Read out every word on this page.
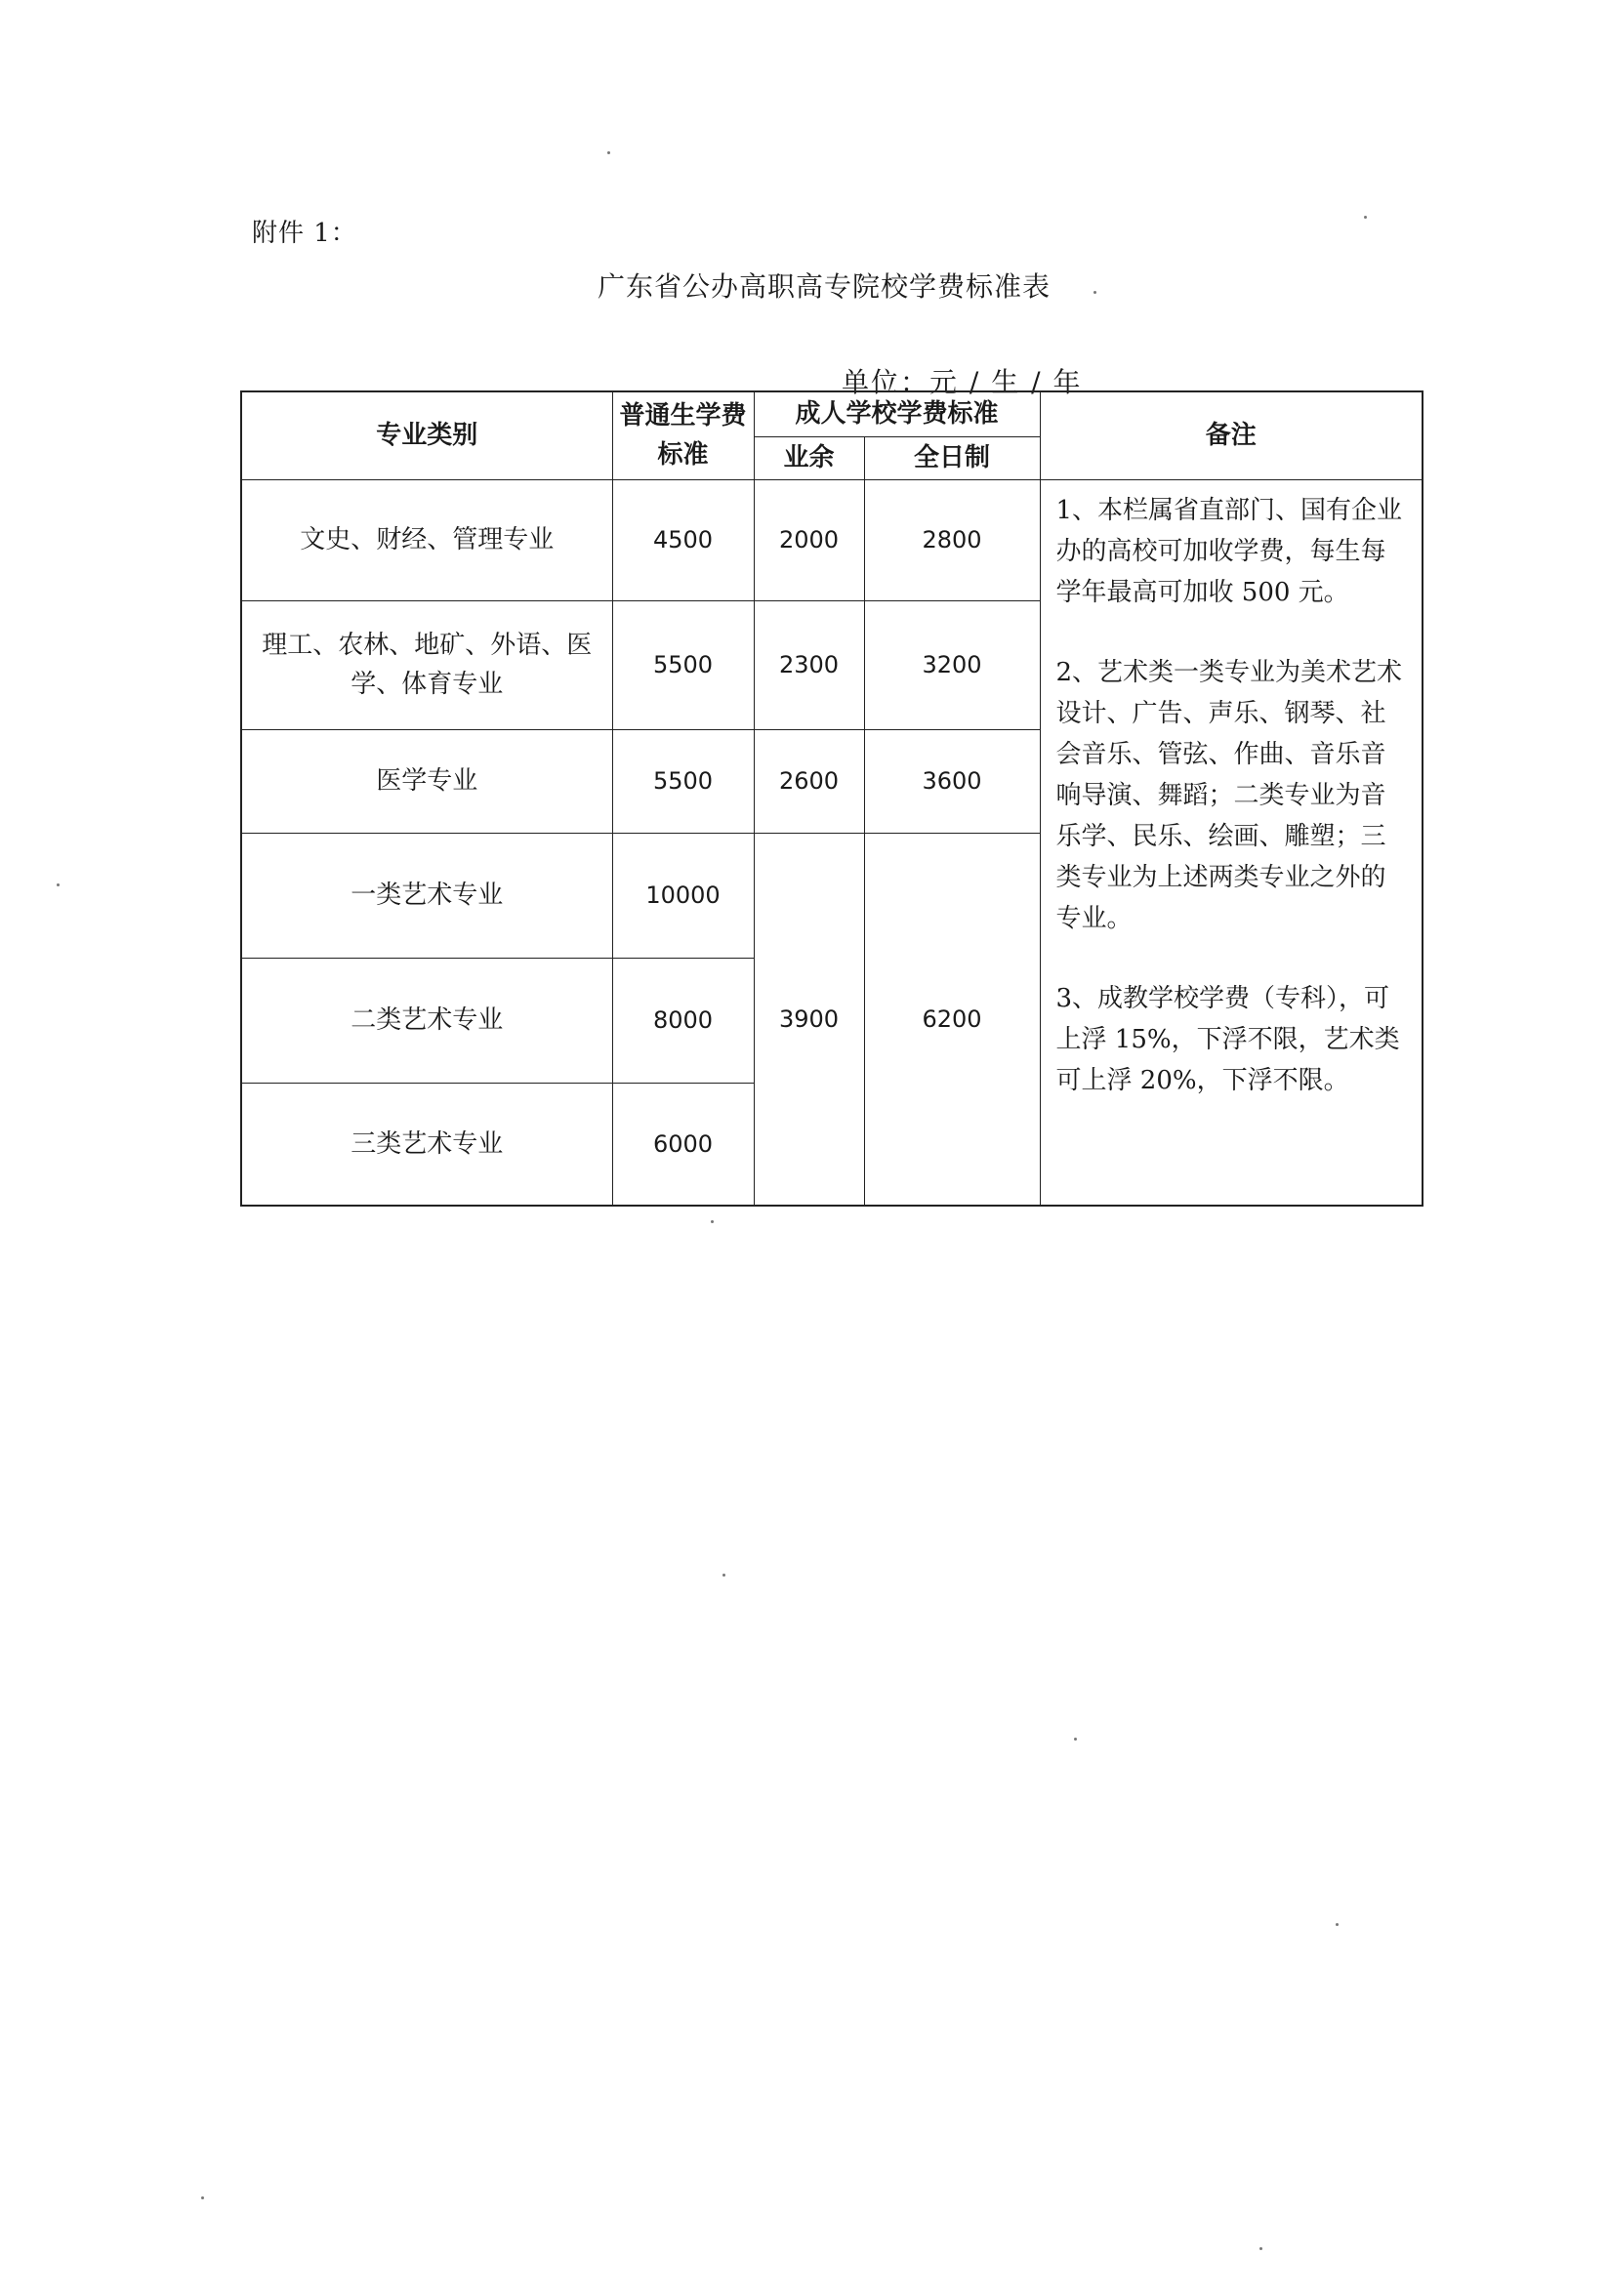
附件 1：
广东省公办高职高专院校学费标准表
单位：元 / 生 / 年
专业类别	普通生学费标准	成人学校学费标准		备注
		业余	全日制	
文史、财经、管理专业	4500	2000	2800	1、本栏属省直部门、国有企业办的高校可加收学费，每生每学年最高可加收 500 元。
2、艺术类一类专业为美术艺术设计、广告、声乐、钢琴、社会音乐、管弦、作曲、音乐音响导演、舞蹈；二类专业为音乐学、民乐、绘画、雕塑；三类专业为上述两类专业之外的专业。
3、成教学校学费（专科），可上浮 15%，下浮不限，艺术类可上浮 20%，下浮不限。

理工、农林、地矿、外语、医学、体育专业	5500	2300	3200	
医学专业	5500	2600	3600	
一类艺术专业	10000	3900	6200	
二类艺术专业	8000			
三类艺术专业	6000			
